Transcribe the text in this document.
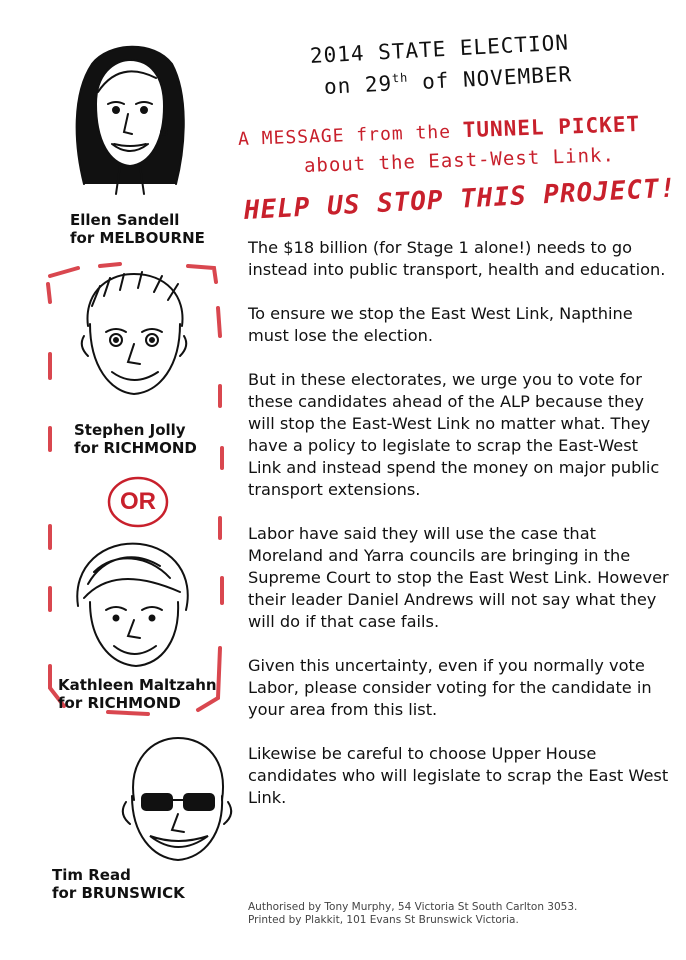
2014 STATE ELECTION
on 29th of NOVEMBER
A MESSAGE from the TUNNEL PICKET
about the East-West Link.
HELP US STOP THIS PROJECT!

The $18 billion (for Stage 1 alone!) needs to go instead into public transport, health and education.

To ensure we stop the East West Link, Napthine must lose the election.

But in these electorates, we urge you to vote for these candidates ahead of the ALP because they will stop the East-West Link no matter what. They have a policy to legislate to scrap the East-West Link and instead spend the money on major public transport extensions.

Labor have said they will use the case that Moreland and Yarra councils are bringing in the Supreme Court to stop the East West Link. However their leader Daniel Andrews will not say what they will do if that case fails.

Given this uncertainty, even if you normally vote Labor, please consider voting for the candidate in your area from this list.

Likewise be careful to choose Upper House candidates who will legislate to scrap the East West Link.

Authorised by Tony Murphy, 54 Victoria St South Carlton 3053.
Printed by Plakkit, 101 Evans St Brunswick Victoria.
OR
Ellen Sandell
for MELBOURNE
Stephen Jolly
for RICHMOND
Kathleen Maltzahn
for RICHMOND
Tim Read
for BRUNSWICK
